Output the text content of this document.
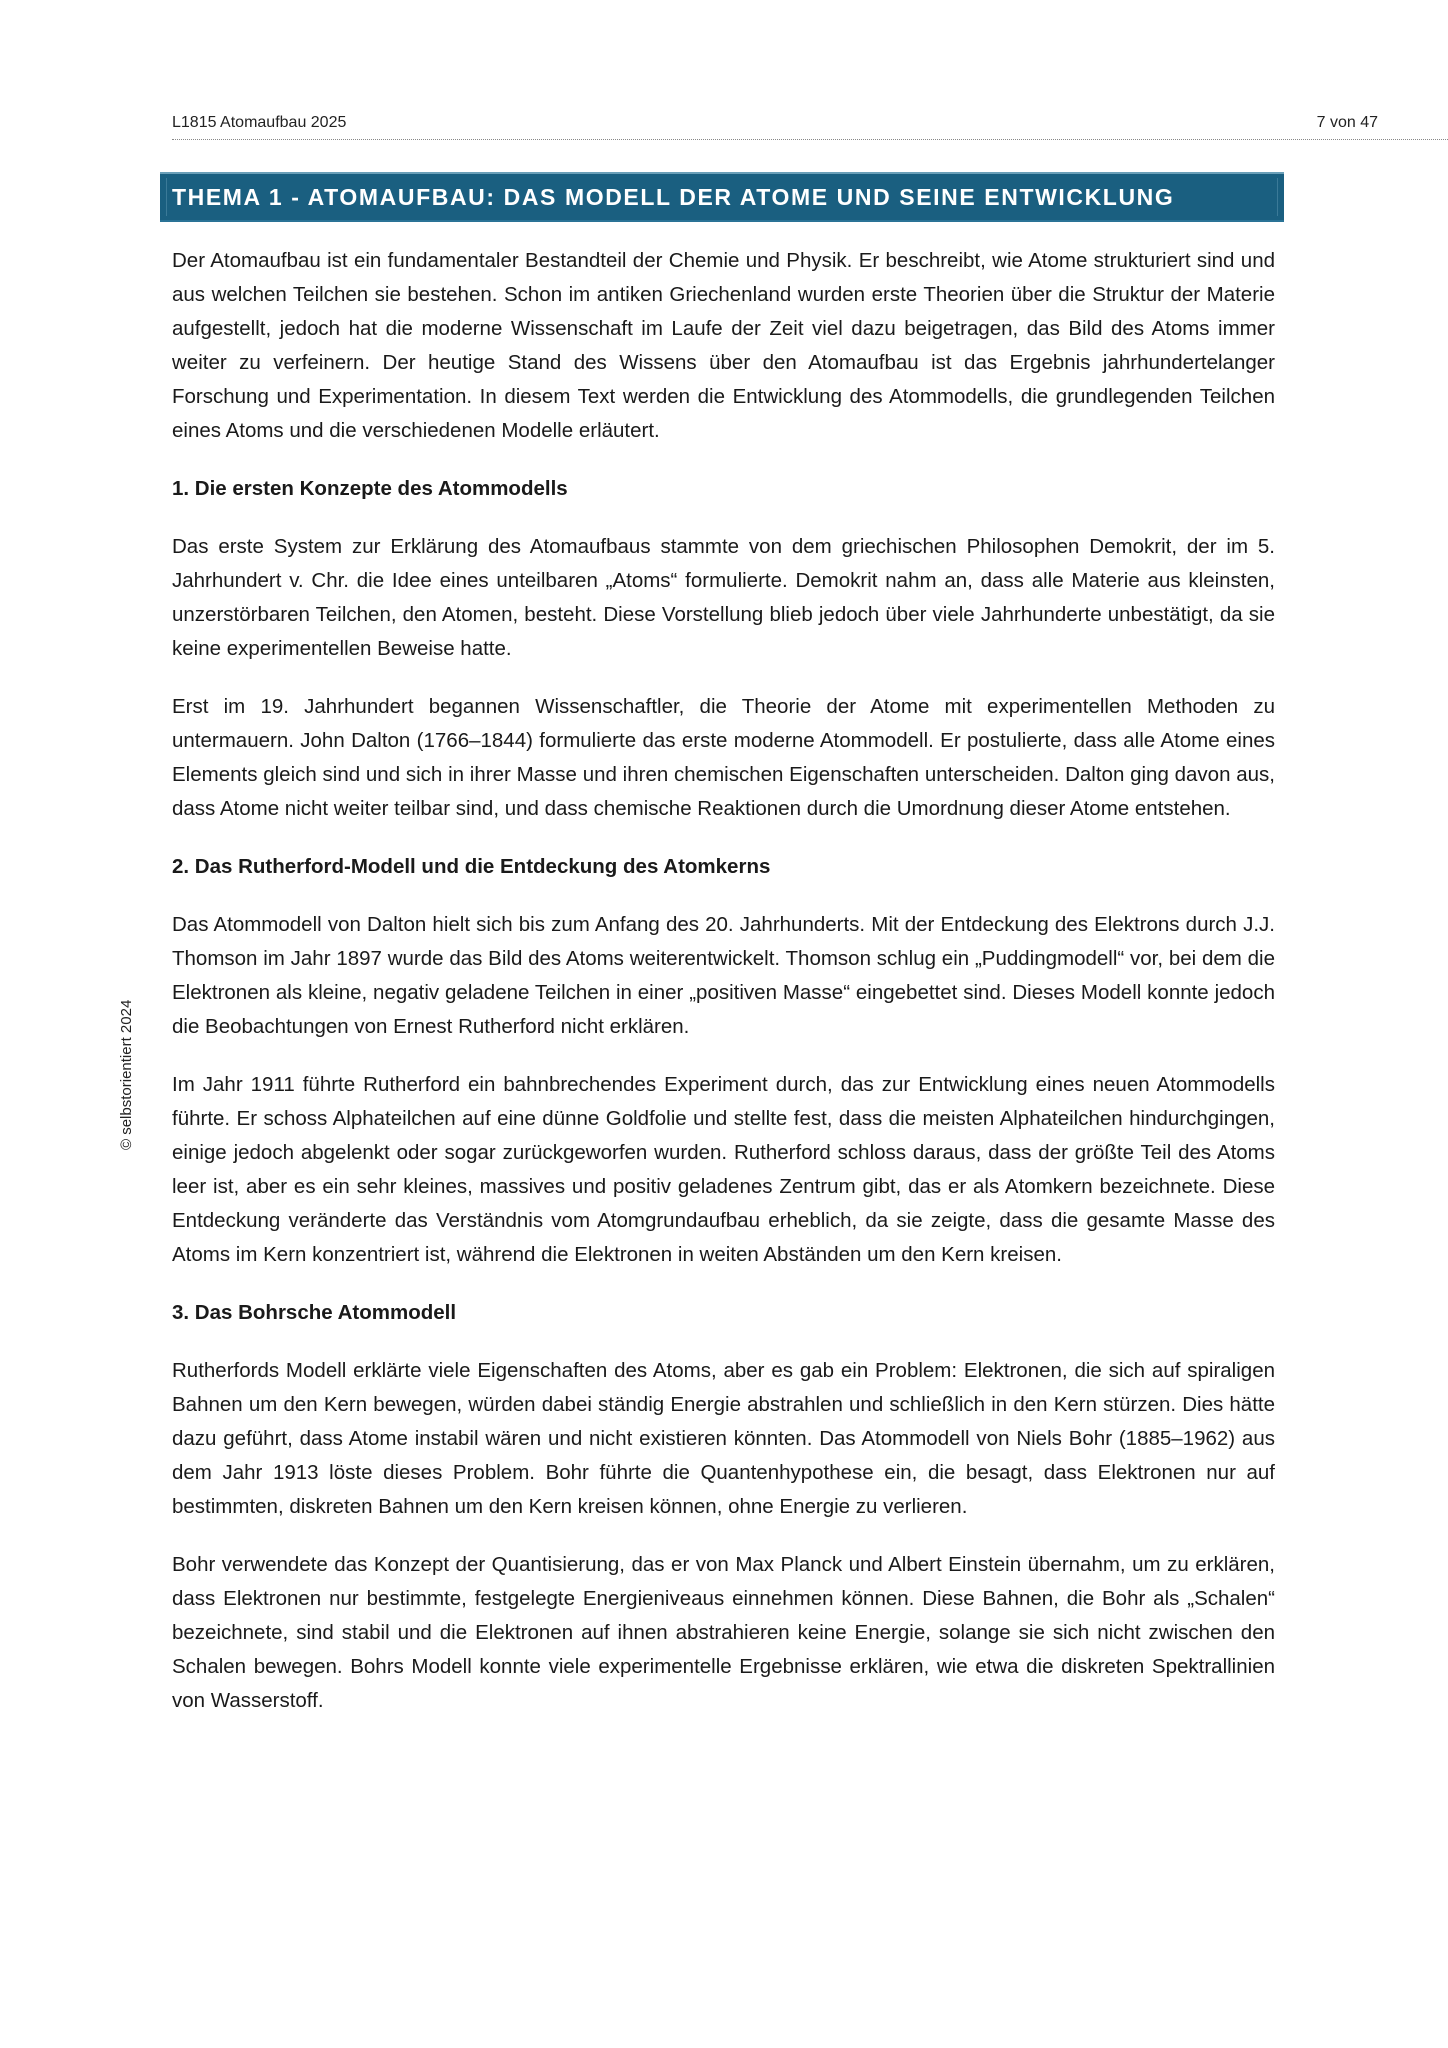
L1815 Atomaufbau 2025	7 von 47
© selbstorientiert 2024
THEMA 1 - ATOMAUFBAU: DAS MODELL DER ATOME UND SEINE ENTWICKLUNG

Der Atomaufbau ist ein fundamentaler Bestandteil der Chemie und Physik. Er beschreibt, wie Atome strukturiert sind und aus welchen Teilchen sie bestehen. Schon im antiken Griechenland wurden erste Theorien über die Struktur der Materie aufgestellt, jedoch hat die moderne Wissenschaft im Laufe der Zeit viel dazu beigetragen, das Bild des Atoms immer weiter zu verfeinern. Der heutige Stand des Wissens über den Atomaufbau ist das Ergebnis jahrhundertelanger Forschung und Experimentation. In diesem Text werden die Entwicklung des Atommodells, die grundlegenden Teilchen eines Atoms und die verschiedenen Modelle erläutert.

1. Die ersten Konzepte des Atommodells

Das erste System zur Erklärung des Atomaufbaus stammte von dem griechischen Philosophen Demokrit, der im 5. Jahrhundert v. Chr. die Idee eines unteilbaren „Atoms“ formulierte. Demokrit nahm an, dass alle Materie aus kleinsten, unzerstörbaren Teilchen, den Atomen, besteht. Diese Vorstellung blieb jedoch über viele Jahrhunderte unbestätigt, da sie keine experimentellen Beweise hatte.

Erst im 19. Jahrhundert begannen Wissenschaftler, die Theorie der Atome mit experimentellen Methoden zu untermauern. John Dalton (1766–1844) formulierte das erste moderne Atommodell. Er postulierte, dass alle Atome eines Elements gleich sind und sich in ihrer Masse und ihren chemischen Eigenschaften unterscheiden. Dalton ging davon aus, dass Atome nicht weiter teilbar sind, und dass chemische Reaktionen durch die Umordnung dieser Atome entstehen.

2. Das Rutherford-Modell und die Entdeckung des Atomkerns

Das Atommodell von Dalton hielt sich bis zum Anfang des 20. Jahrhunderts. Mit der Entdeckung des Elektrons durch J.J. Thomson im Jahr 1897 wurde das Bild des Atoms weiterentwickelt. Thomson schlug ein „Puddingmodell“ vor, bei dem die Elektronen als kleine, negativ geladene Teilchen in einer „positiven Masse“ eingebettet sind. Dieses Modell konnte jedoch die Beobachtungen von Ernest Rutherford nicht erklären.

Im Jahr 1911 führte Rutherford ein bahnbrechendes Experiment durch, das zur Entwicklung eines neuen Atommodells führte. Er schoss Alphateilchen auf eine dünne Goldfolie und stellte fest, dass die meisten Alphateilchen hindurchgingen, einige jedoch abgelenkt oder sogar zurückgeworfen wurden. Rutherford schloss daraus, dass der größte Teil des Atoms leer ist, aber es ein sehr kleines, massives und positiv geladenes Zentrum gibt, das er als Atomkern bezeichnete. Diese Entdeckung veränderte das Verständnis vom Atomgrundaufbau erheblich, da sie zeigte, dass die gesamte Masse des Atoms im Kern konzentriert ist, während die Elektronen in weiten Abständen um den Kern kreisen.

3. Das Bohrsche Atommodell

Rutherfords Modell erklärte viele Eigenschaften des Atoms, aber es gab ein Problem: Elektronen, die sich auf spiraligen Bahnen um den Kern bewegen, würden dabei ständig Energie abstrahlen und schließlich in den Kern stürzen. Dies hätte dazu geführt, dass Atome instabil wären und nicht existieren könnten. Das Atommodell von Niels Bohr (1885–1962) aus dem Jahr 1913 löste dieses Problem. Bohr führte die Quantenhypothese ein, die besagt, dass Elektronen nur auf bestimmten, diskreten Bahnen um den Kern kreisen können, ohne Energie zu verlieren.

Bohr verwendete das Konzept der Quantisierung, das er von Max Planck und Albert Einstein übernahm, um zu erklären, dass Elektronen nur bestimmte, festgelegte Energieniveaus einnehmen können. Diese Bahnen, die Bohr als „Schalen“ bezeichnete, sind stabil und die Elektronen auf ihnen abstrahieren keine Energie, solange sie sich nicht zwischen den Schalen bewegen. Bohrs Modell konnte viele experimentelle Ergebnisse erklären, wie etwa die diskreten Spektrallinien von Wasserstoff.
